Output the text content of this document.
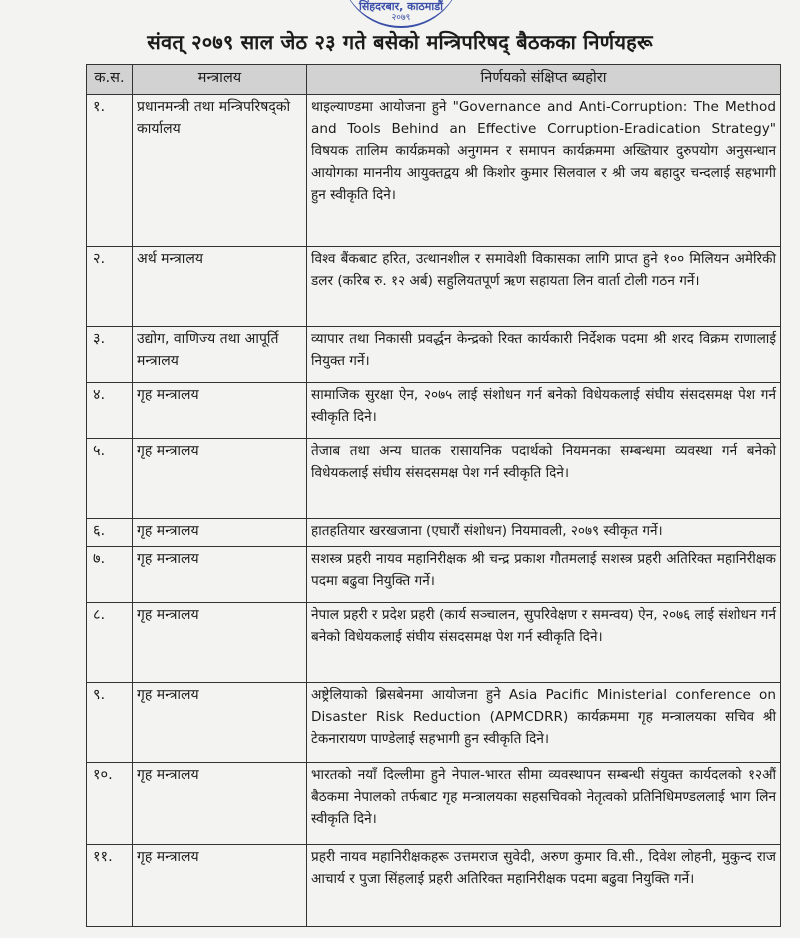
सिंहदरबार, काठमाडौं
२०७९
संवत् २०७९ साल जेठ २३ गते बसेको मन्त्रिपरिषद् बैठकका निर्णयहरू
क.स.	मन्त्रालय	निर्णयको संक्षिप्त ब्यहोरा
१.	प्रधानमन्त्री तथा मन्त्रिपरिषद्को कार्यालय	थाइल्याण्डमा आयोजना हुने "Governance and Anti-Corruption: The Method and Tools Behind an Effective Corruption-Eradication Strategy" विषयक तालिम कार्यक्रमको अनुगमन र समापन कार्यक्रममा अख्तियार दुरुपयोग अनुसन्धान आयोगका माननीय आयुक्तद्वय श्री किशोर कुमार सिलवाल र श्री जय बहादुर चन्दलाई सहभागी हुन स्वीकृति दिने।
२.	अर्थ मन्त्रालय	विश्व बैंकबाट हरित, उत्थानशील र समावेशी विकासका लागि प्राप्त हुने १०० मिलियन अमेरिकी डलर (करिब रु. १२ अर्ब) सहुलियतपूर्ण ऋण सहायता लिन वार्ता टोली गठन गर्ने।
३.	उद्योग, वाणिज्य तथा आपूर्ति मन्त्रालय	व्यापार तथा निकासी प्रवर्द्धन केन्द्रको रिक्त कार्यकारी निर्देशक पदमा श्री शरद विक्रम राणालाई नियुक्त गर्ने।
४.	गृह मन्त्रालय	सामाजिक सुरक्षा ऐन, २०७५ लाई संशोधन गर्न बनेको विधेयकलाई संघीय संसदसमक्ष पेश गर्न स्वीकृति दिने।
५.	गृह मन्त्रालय	तेजाब तथा अन्य घातक रासायनिक पदार्थको नियमनका सम्बन्धमा व्यवस्था गर्न बनेको विधेयकलाई संघीय संसदसमक्ष पेश गर्न स्वीकृति दिने।
६.	गृह मन्त्रालय	हातहतियार खरखजाना (एघारौं संशोधन) नियमावली, २०७९ स्वीकृत गर्ने।
७.	गृह मन्त्रालय	सशस्त्र प्रहरी नायव महानिरीक्षक श्री चन्द्र प्रकाश गौतमलाई सशस्त्र प्रहरी अतिरिक्त महानिरीक्षक पदमा बढुवा नियुक्ति गर्ने।
८.	गृह मन्त्रालय	नेपाल प्रहरी र प्रदेश प्रहरी (कार्य सञ्चालन, सुपरिवेक्षण र समन्वय) ऐन, २०७६ लाई संशोधन गर्न बनेको विधेयकलाई संघीय संसदसमक्ष पेश गर्न स्वीकृति दिने।
९.	गृह मन्त्रालय	अष्ट्रेलियाको ब्रिसबेनमा आयोजना हुने Asia Pacific Ministerial conference on Disaster Risk Reduction (APMCDRR) कार्यक्रममा गृह मन्त्रालयका सचिव श्री टेकनारायण पाण्डेलाई सहभागी हुन स्वीकृति दिने।
१०.	गृह मन्त्रालय	भारतको नयाँ दिल्लीमा हुने नेपाल-भारत सीमा व्यवस्थापन सम्बन्धी संयुक्त कार्यदलको १२औं बैठकमा नेपालको तर्फबाट गृह मन्त्रालयका सहसचिवको नेतृत्वको प्रतिनिधिमण्डललाई भाग लिन स्वीकृति दिने।
११.	गृह मन्त्रालय	प्रहरी नायव महानिरीक्षकहरू उत्तमराज सुवेदी, अरुण कुमार वि.सी., दिवेश लोहनी, मुकुन्द राज आचार्य र पुजा सिंहलाई प्रहरी अतिरिक्त महानिरीक्षक पदमा बढुवा नियुक्ति गर्ने।
